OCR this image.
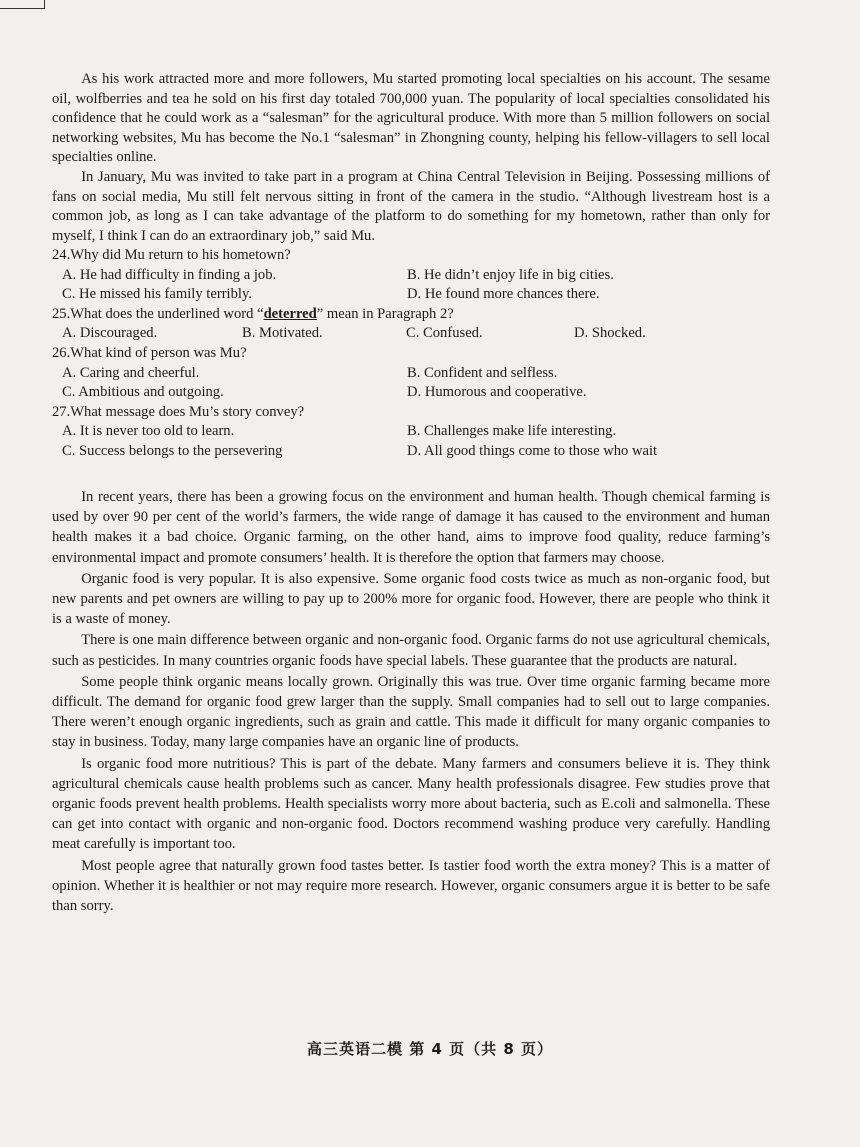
As his work attracted more and more followers, Mu started promoting local specialties on his account. The sesame oil, wolfberries and tea he sold on his first day totaled 700,000 yuan. The popularity of local specialties consolidated his confidence that he could work as a “salesman” for the agricultural produce. With more than 5 million followers on social networking websites, Mu has become the No.1 “salesman” in Zhongning county, helping his fellow-villagers to sell local specialties online.

In January, Mu was invited to take part in a program at China Central Television in Beijing. Possessing millions of fans on social media, Mu still felt nervous sitting in front of the camera in the studio. “Although livestream host is a common job, as long as I can take advantage of the platform to do something for my hometown, rather than only for myself, I think I can do an extraordinary job,” said Mu.

24.Why did Mu return to his hometown?
A. He had difficulty in finding a job.	B. He didn’t enjoy life in big cities.
C. He missed his family terribly.	D. He found more chances there.
25.What does the underlined word “deterred” mean in Paragraph 2?
A. Discouraged.	B. Motivated.	C. Confused.	D. Shocked.
26.What kind of person was Mu?
A. Caring and cheerful.	B. Confident and selfless.
C. Ambitious and outgoing.	D. Humorous and cooperative.
27.What message does Mu’s story convey?
A. It is never too old to learn.	B. Challenges make life interesting.
C. Success belongs to the persevering	D. All good things come to those who wait

In recent years, there has been a growing focus on the environment and human health. Though chemical farming is used by over 90 per cent of the world’s farmers, the wide range of damage it has caused to the environment and human health makes it a bad choice. Organic farming, on the other hand, aims to improve food quality, reduce farming’s environmental impact and promote consumers’ health. It is therefore the option that farmers may choose.

Organic food is very popular. It is also expensive. Some organic food costs twice as much as non-organic food, but new parents and pet owners are willing to pay up to 200% more for organic food. However, there are people who think it is a waste of money.

There is one main difference between organic and non-organic food. Organic farms do not use agricultural chemicals, such as pesticides. In many countries organic foods have special labels. These guarantee that the products are natural.

Some people think organic means locally grown. Originally this was true. Over time organic farming became more difficult. The demand for organic food grew larger than the supply. Small companies had to sell out to large companies. There weren’t enough organic ingredients, such as grain and cattle. This made it difficult for many organic companies to stay in business. Today, many large companies have an organic line of products.

Is organic food more nutritious? This is part of the debate. Many farmers and consumers believe it is. They think agricultural chemicals cause health problems such as cancer. Many health professionals disagree. Few studies prove that organic foods prevent health problems. Health specialists worry more about bacteria, such as E.coli and salmonella. These can get into contact with organic and non-organic food. Doctors recommend washing produce very carefully. Handling meat carefully is important too.

Most people agree that naturally grown food tastes better. Is tastier food worth the extra money? This is a matter of opinion. Whether it is healthier or not may require more research. However, organic consumers argue it is better to be safe than sorry.

高三英语二模 第 4 页（共 8 页）
